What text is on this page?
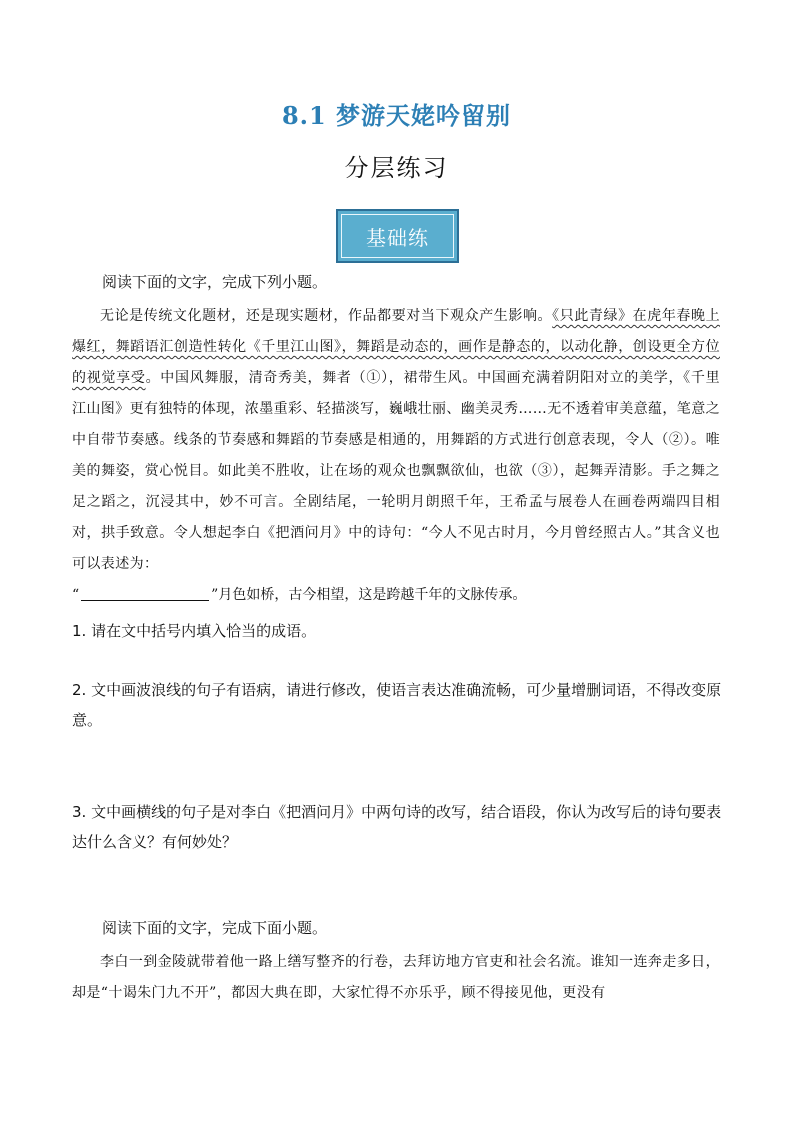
8.1 梦游天姥吟留别
分层练习
基础练
阅读下面的文字，完成下列小题。

无论是传统文化题材，还是现实题材，作品都要对当下观众产生影响。《只此青绿》在虎年春晚上爆红，舞蹈语汇创造性转化《千里江山图》，舞蹈是动态的，画作是静态的，以动化静，创设更全方位的视觉享受。中国风舞服，清奇秀美，舞者（①），裙带生风。中国画充满着阴阳对立的美学，《千里江山图》更有独特的体现，浓墨重彩、轻描淡写，巍峨壮丽、幽美灵秀……无不透着审美意蕴，笔意之中自带节奏感。线条的节奏感和舞蹈的节奏感是相通的，用舞蹈的方式进行创意表现，令人（②）。唯美的舞姿，赏心悦目。如此美不胜收，让在场的观众也飘飘欲仙，也欲（③），起舞弄清影。手之舞之足之蹈之，沉浸其中，妙不可言。全剧结尾，一轮明月朗照千年，王希孟与展卷人在画卷两端四目相对，拱手致意。令人想起李白《把酒问月》中的诗句：“今人不见古时月，今月曾经照古人。”其含义也可以表述为：

“	”月色如桥，古今相望，这是跨越千年的文脉传承。

1. 请在文中括号内填入恰当的成语。

2. 文中画波浪线的句子有语病，请进行修改，使语言表达准确流畅，可少量增删词语，不得改变原意。

3. 文中画横线的句子是对李白《把酒问月》中两句诗的改写，结合语段，你认为改写后的诗句要表达什么含义？有何妙处？

阅读下面的文字，完成下面小题。

李白一到金陵就带着他一路上缮写整齐的行卷，去拜访地方官吏和社会名流。谁知一连奔走多日，却是“十谒朱门九不开”，都因大典在即，大家忙得不亦乐乎，顾不得接见他，更没有
